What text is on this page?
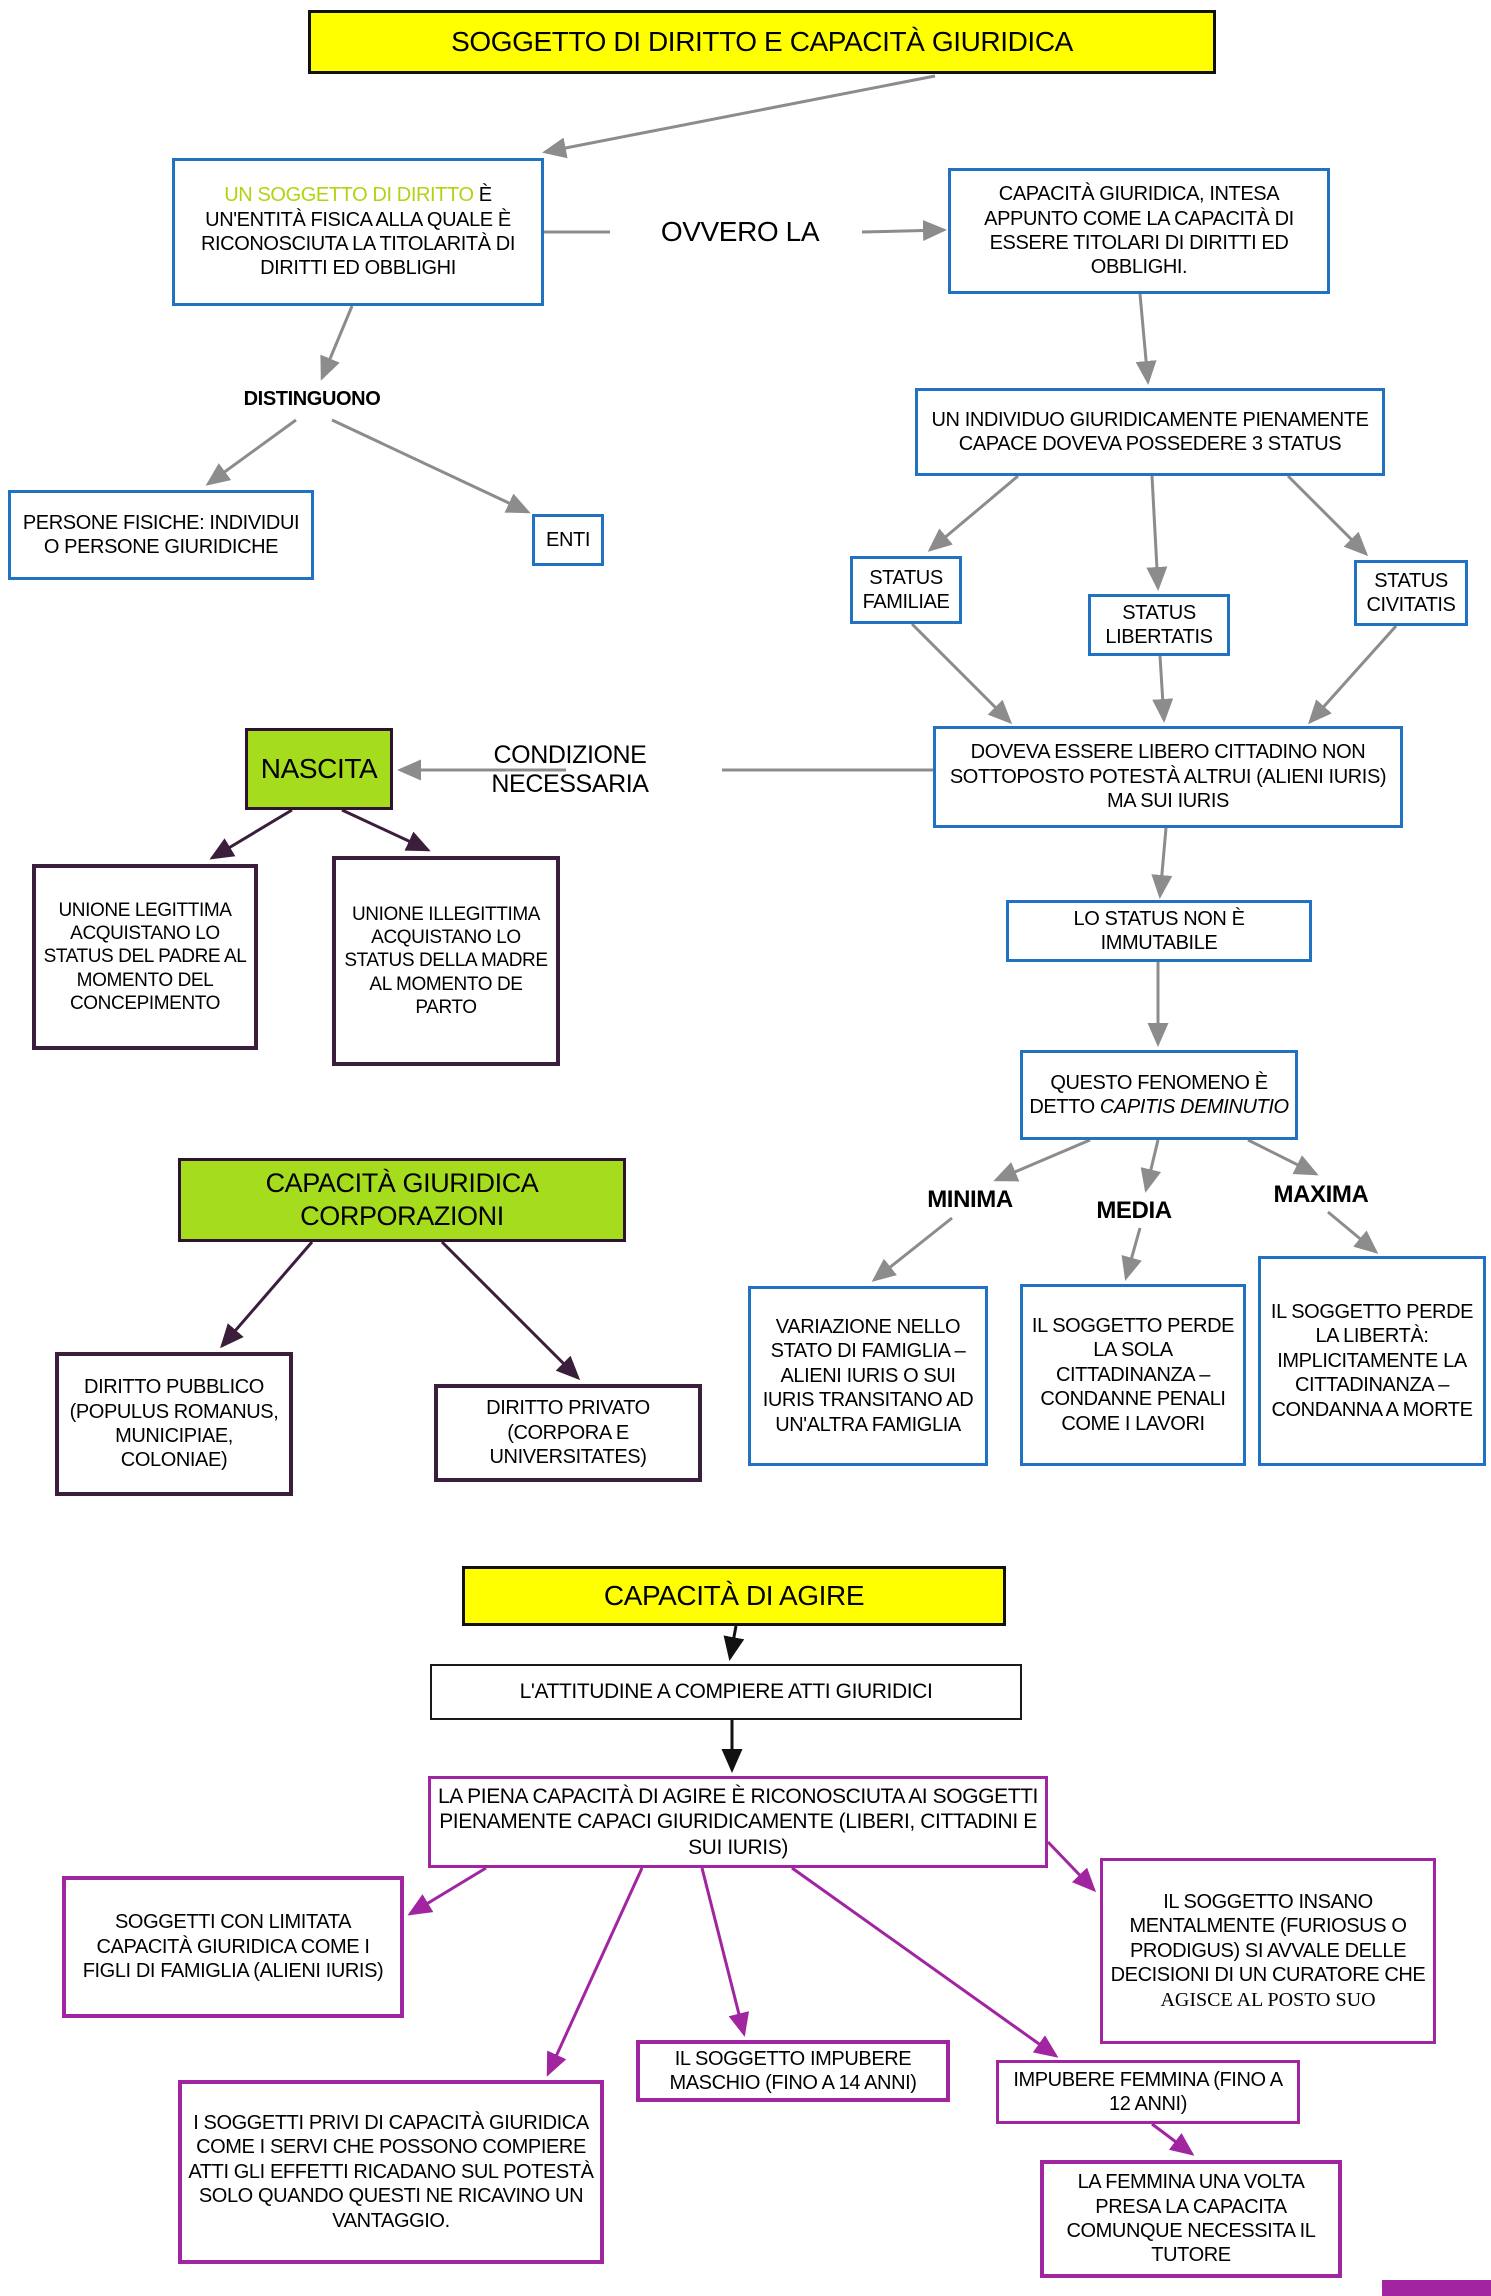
SOGGETTO DI DIRITTO E CAPACITÀ GIURIDICA
UN SOGGETTO DI DIRITTO È UN'ENTITÀ FISICA ALLA QUALE È RICONOSCIUTA LA TITOLARITÀ DI DIRITTI ED OBBLIGHI
OVVERO LA
CAPACITÀ GIURIDICA, INTESA APPUNTO COME LA CAPACITÀ DI ESSERE TITOLARI DI DIRITTI ED OBBLIGHI.
DISTINGUONO
PERSONE FISICHE: INDIVIDUI O PERSONE GIURIDICHE	ENTI
UN INDIVIDUO GIURIDICAMENTE PIENAMENTE CAPACE DOVEVA POSSEDERE 3 STATUS
STATUS FAMILIAE	STATUS LIBERTATIS
STATUS CIVITATIS
NASCITA	CONDIZIONE NECESSARIA
DOVEVA ESSERE LIBERO CITTADINO NON SOTTOPOSTO POTESTÀ ALTRUI (ALIENI IURIS) MA SUI IURIS
UNIONE LEGITTIMA ACQUISTANO LO STATUS DEL PADRE AL MOMENTO DEL CONCEPIMENTO
UNIONE ILLEGITTIMA ACQUISTANO LO STATUS DELLA MADRE AL MOMENTO DE PARTO
LO STATUS NON È IMMUTABILE
QUESTO FENOMENO È DETTO CAPITIS DEMINUTIO
MINIMA	MEDIA
MAXIMA
CAPACITÀ GIURIDICA CORPORAZIONI
DIRITTO PUBBLICO (POPULUS ROMANUS, MUNICIPIAE, COLONIAE)
DIRITTO PRIVATO (CORPORA E UNIVERSITATES)
VARIAZIONE NELLO STATO DI FAMIGLIA – ALIENI IURIS O SUI IURIS TRANSITANO AD UN'ALTRA FAMIGLIA
IL SOGGETTO PERDE LA SOLA CITTADINANZA –CONDANNE PENALI COME I LAVORI
IL SOGGETTO PERDE LA LIBERTÀ: IMPLICITAMENTE LA CITTADINANZA –CONDANNA A MORTE
CAPACITÀ DI AGIRE
L'ATTITUDINE A COMPIERE ATTI GIURIDICI
LA PIENA CAPACITÀ DI AGIRE È RICONOSCIUTA AI SOGGETTI PIENAMENTE CAPACI GIURIDICAMENTE (LIBERI, CITTADINI E SUI IURIS)
SOGGETTI CON LIMITATA CAPACITÀ GIURIDICA COME I FIGLI DI FAMIGLIA (ALIENI IURIS)
IL SOGGETTO INSANO MENTALMENTE (FURIOSUS O PRODIGUS) SI AVVALE DELLE DECISIONI DI UN CURATORE CHE AGISCE AL POSTO SUO
IL SOGGETTO IMPUBERE MASCHIO (FINO A 14 ANNI)	IMPUBERE FEMMINA (FINO A 12 ANNI)
I SOGGETTI PRIVI DI CAPACITÀ GIURIDICA COME I SERVI CHE POSSONO COMPIERE ATTI GLI EFFETTI RICADANO SUL POTESTÀ SOLO QUANDO QUESTI NE RICAVINO UN VANTAGGIO.
LA FEMMINA UNA VOLTA PRESA LA CAPACITA COMUNQUE NECESSITA IL TUTORE
